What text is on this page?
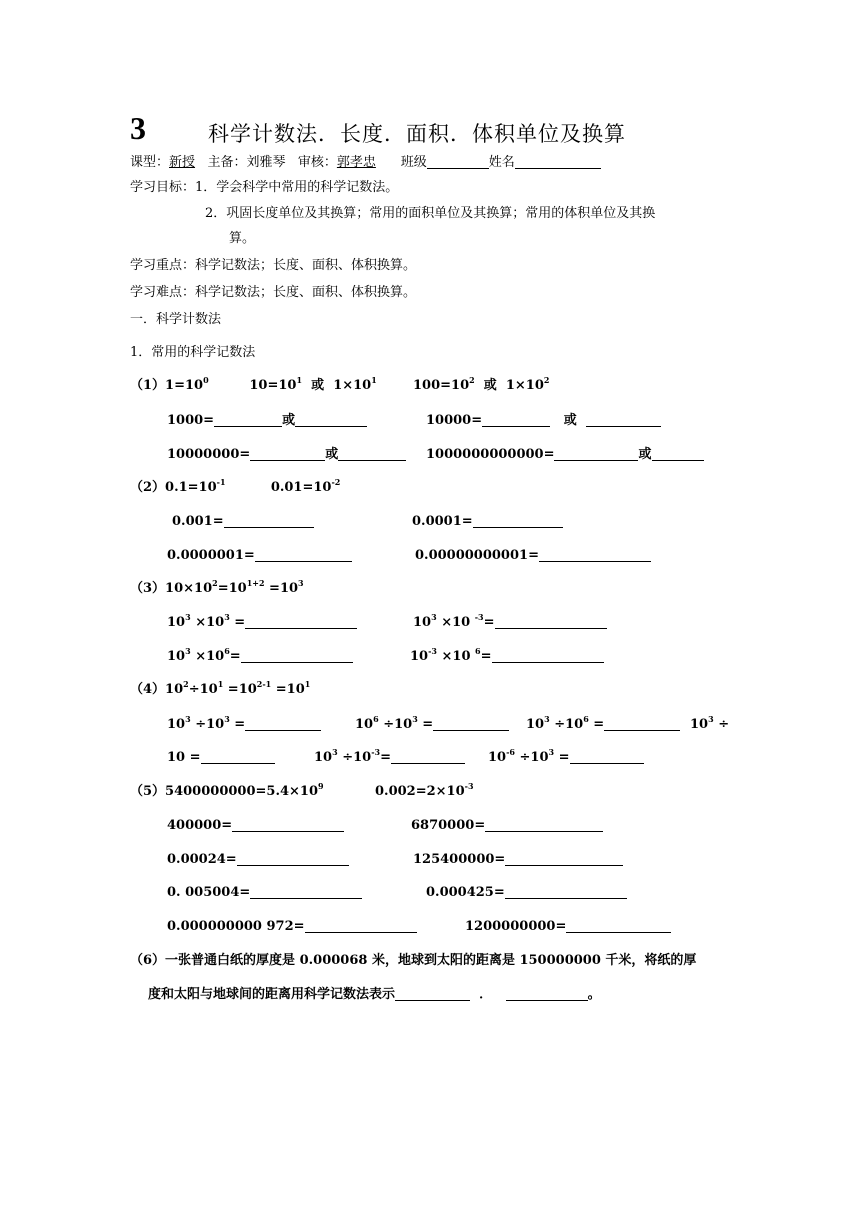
3	科学计数法．长度．面积．体积单位及换算
课型：新授 主备：刘雅琴 审核：郭孝忠 班级	姓名
学习目标：1．学会科学中常用的科学记数法。
2．巩固长度单位及其换算；常用的面积单位及其换算；常用的体积单位及其换
算。
学习重点：科学记数法；长度、面积、体积换算。
学习难点：科学记数法；长度、面积、体积换算。
一．科学计数法
1．常用的科学记数法
$(1)1=10^0$	$10=10^1$ 或 $1\times 10^1$	$100=10^2$ 或 $1\times 10^2$
1000=	或	10000=	或
10000000=	或	1000000000000=	或
$(2)0.1=10^{-1}$	$0.01=10^{-2}$
0.001=	0.0001=
0.0000001=	0.00000000001=
$(3)10\times 10^2=10^{1+2} =10^3$
$10^3 \times 10^3$ =	$10^3 \times 10$ $^{-3}$=
$10^3 \times 10^6=$	$10^{-3} \times 10$ $^6$=
$(4)10^2\div 10^1 =10^{2-1} =10^1$
$10^3 \div 10^3$ =	$10^6 \div 10^3$ =	$10^3 \div 10^6$ =	$10^3$ ÷
10 =	$10^3 \div 10^{-3}=$	$10^{-6} \div 10^3$ =
$(5)5400000000=5.4\times 10^9$	$0.002=2\times 10^{-3}$
400000=	6870000=
0.00024=	125400000=
0. 005004=	0.000425=
0.000000000 972=	1200000000=
（6）一张普通白纸的厚度是 0.000068 米，地球到太阳的距离是 150000000 千米，将纸的厚
度和太阳与地球间的距离用科学记数法表示	．	。
